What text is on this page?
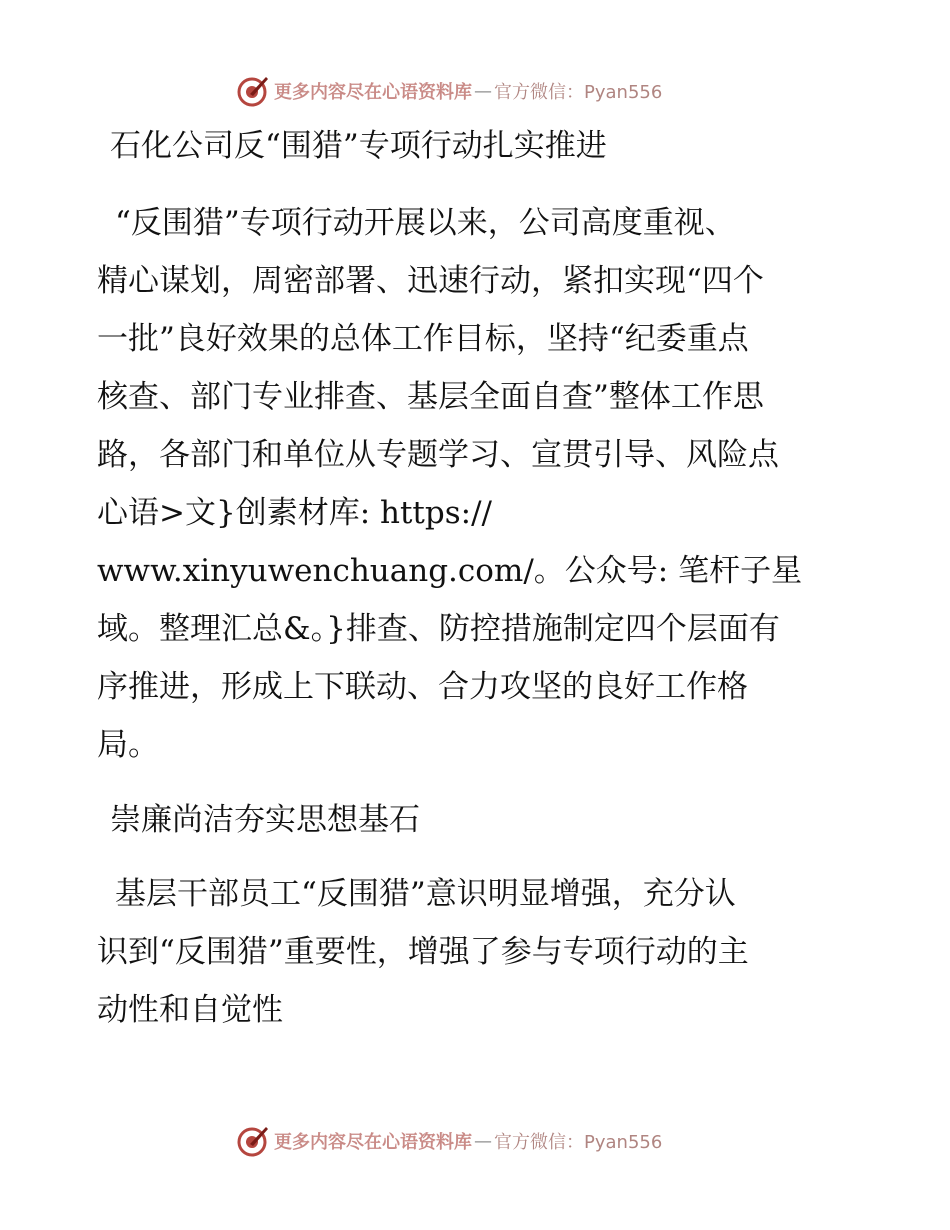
更多内容尽在心语资料库 — 官方微信：Pyan556
石化公司反“围猎”专项行动扎实推进
“反围猎”专项行动开展以来，公司高度重视、
精心谋划，周密部署、迅速行动，紧扣实现“四个
一批”良好效果的总体工作目标，坚持“纪委重点
核查、部门专业排查、基层全面自查”整体工作思
路，各部门和单位从专题学习、宣贯引导、风险点
心语>文}创素材库: https://
www.xinyuwenchuang.com/。公众号: 笔杆子星
域。整理汇总&。}排查、防控措施制定四个层面有
序推进，形成上下联动、合力攻坚的良好工作格
局。
崇廉尚洁夯实思想基石
基层干部员工“反围猎”意识明显增强，充分认
识到“反围猎”重要性，增强了参与专项行动的主
动性和自觉性
更多内容尽在心语资料库 — 官方微信：Pyan556
